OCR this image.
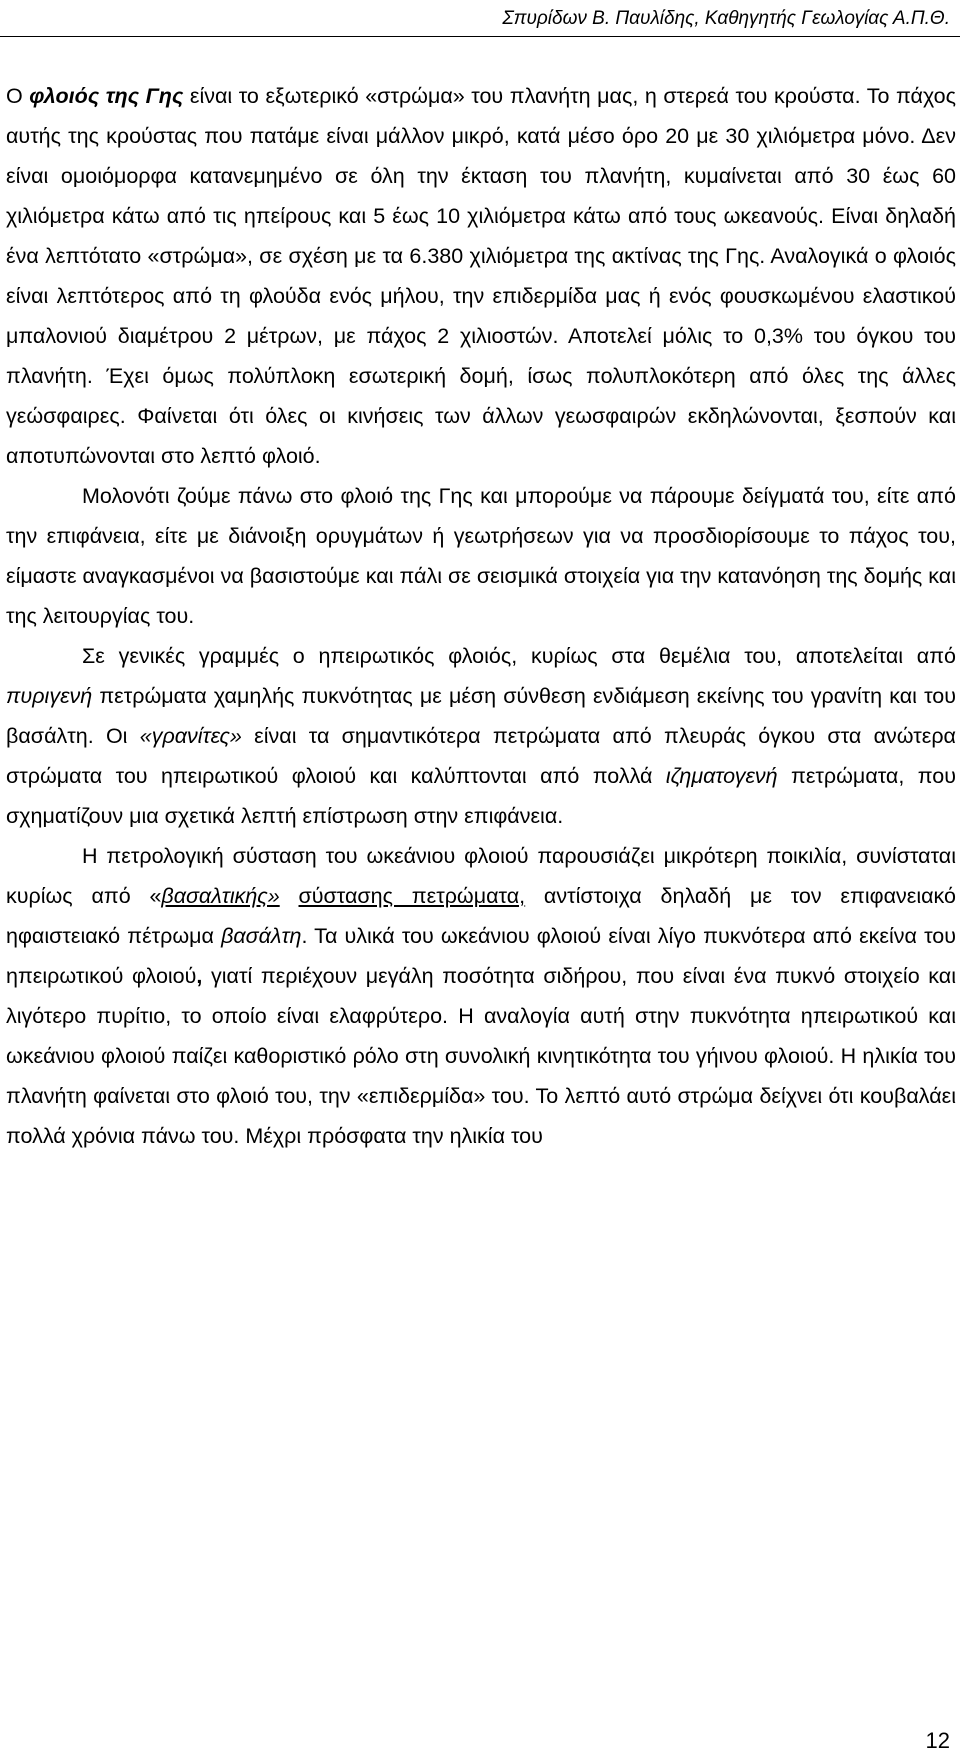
Σπυρίδων Β. Παυλίδης, Καθηγητής Γεωλογίας Α.Π.Θ.

Ο φλοιός της Γης είναι το εξωτερικό «στρώμα» του πλανήτη μας, η στερεά του κρούστα. Το πάχος αυτής της κρούστας που πατάμε είναι μάλλον μικρό, κατά μέσο όρο 20 με 30 χιλιόμετρα μόνο. Δεν είναι ομοιόμορφα κατανεμημένο σε όλη την έκταση του πλανήτη, κυμαίνεται από 30 έως 60 χιλιόμετρα κάτω από τις ηπείρους και 5 έως 10 χιλιόμετρα κάτω από τους ωκεανούς. Είναι δηλαδή ένα λεπτότατο «στρώμα», σε σχέση με τα 6.380 χιλιόμετρα της ακτίνας της Γης. Αναλογικά ο φλοιός είναι λεπτότερος από τη φλούδα ενός μήλου, την επιδερμίδα μας ή ενός φουσκωμένου ελαστικού μπαλονιού διαμέτρου 2 μέτρων, με πάχος 2 χιλιοστών. Αποτελεί μόλις το 0,3% του όγκου του πλανήτη. Έχει όμως πολύπλοκη εσωτερική δομή, ίσως πολυπλοκότερη από όλες της άλλες γεώσφαιρες. Φαίνεται ότι όλες οι κινήσεις των άλλων γεωσφαιρών εκδηλώνονται, ξεσπούν και αποτυπώνονται στο λεπτό φλοιό.

Μολονότι ζούμε πάνω στο φλοιό της Γης και μπορούμε να πάρουμε δείγματά του, είτε από την επιφάνεια, είτε με διάνοιξη ορυγμάτων ή γεωτρήσεων για να προσδιορίσουμε το πάχος του, είμαστε αναγκασμένοι να βασιστούμε και πάλι σε σεισμικά στοιχεία για την κατανόηση της δομής και της λειτουργίας του.

Σε γενικές γραμμές ο ηπειρωτικός φλοιός, κυρίως στα θεμέλια του, αποτελείται από πυριγενή πετρώματα χαμηλής πυκνότητας με μέση σύνθεση ενδιάμεση εκείνης του γρανίτη και του βασάλτη. Οι «γρανίτες» είναι τα σημαντικότερα πετρώματα από πλευράς όγκου στα ανώτερα στρώματα του ηπειρωτικού φλοιού και καλύπτονται από πολλά ιζηματογενή πετρώματα, που σχηματίζουν μια σχετικά λεπτή επίστρωση στην επιφάνεια.

Η πετρολογική σύσταση του ωκεάνιου φλοιού παρουσιάζει μικρότερη ποικιλία, συνίσταται κυρίως από «βασαλτικής» σύστασης πετρώματα, αντίστοιχα δηλαδή με τον επιφανειακό ηφαιστειακό πέτρωμα βασάλτη. Τα υλικά του ωκεάνιου φλοιού είναι λίγο πυκνότερα από εκείνα του ηπειρωτικού φλοιού, γιατί περιέχουν μεγάλη ποσότητα σιδήρου, που είναι ένα πυκνό στοιχείο και λιγότερο πυρίτιο, το οποίο είναι ελαφρύτερο. Η αναλογία αυτή στην πυκνότητα ηπειρωτικού και ωκεάνιου φλοιού παίζει καθοριστικό ρόλο στη συνολική κινητικότητα του γήινου φλοιού. Η ηλικία του πλανήτη φαίνεται στο φλοιό του, την «επιδερμίδα» του. Το λεπτό αυτό στρώμα δείχνει ότι κουβαλάει πολλά χρόνια πάνω του. Μέχρι πρόσφατα την ηλικία του

12
